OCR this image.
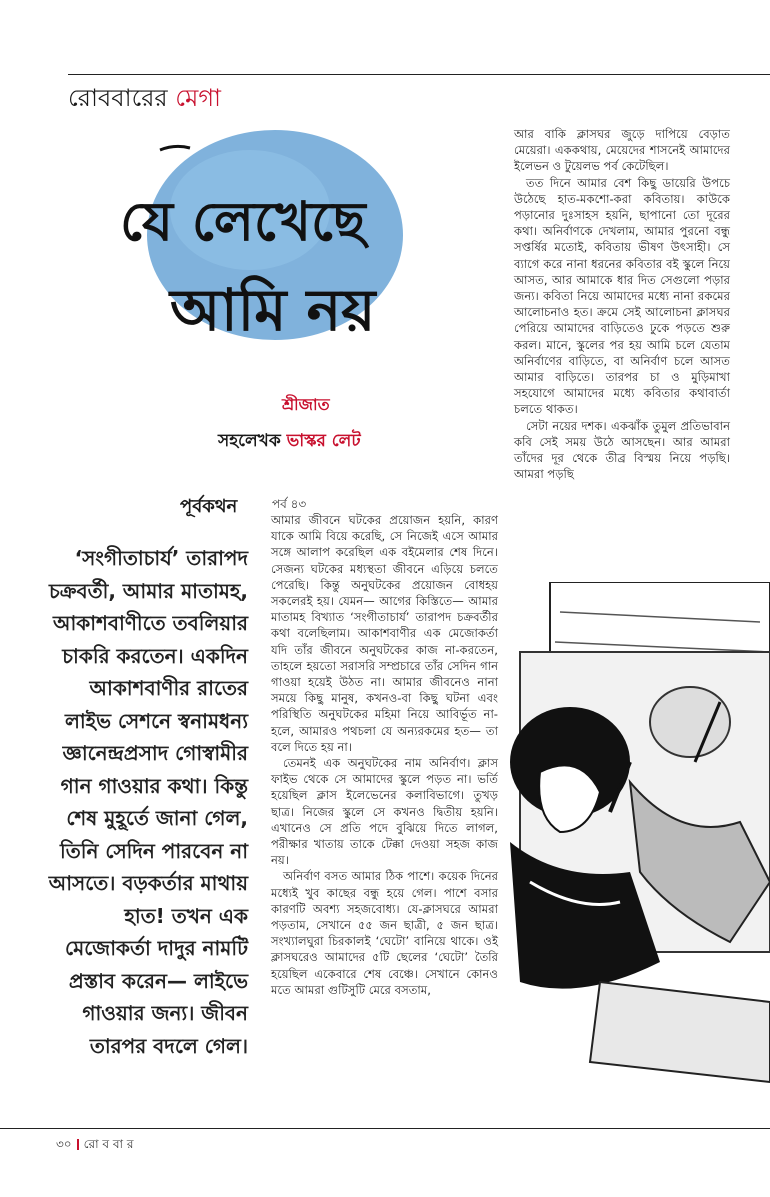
রোববারের মেগা
যে লেখেছে
আমি নয়
শ্রীজাত
সহলেখক ভাস্কর লেট
পূর্বকথন	পর্ব ৪৩
‘সংগীতাচার্য’ তারাপদ চক্রবর্তী, আমার মাতামহ, আকাশবাণীতে তবলিয়ার চাকরি করতেন। একদিন আকাশবাণীর রাতের লাইভ সেশনে স্বনামধন্য জ্ঞানেন্দ্রপ্রসাদ গোস্বামীর গান গাওয়ার কথা। কিন্তু শেষ মুহূর্তে জানা গেল, তিনি সেদিন পারবেন না আসতে। বড়কর্তার মাথায় হাত! তখন এক মেজোকর্তা দাদুর নামটি প্রস্তাব করেন— লাইভে গাওয়ার জন্য। জীবন তারপর বদলে গেল।

আমার জীবনে ঘটকের প্রয়োজন হয়নি, কারণ যাকে আমি বিয়ে করেছি, সে নিজেই এসে আমার সঙ্গে আলাপ করেছিল এক বইমেলার শেষ দিনে। সেজন্য ঘটকের মধ্যস্থতা জীবনে এড়িয়ে চলতে পেরেছি। কিন্তু অনুঘটকের প্রয়োজন বোধহয় সকলেরই হয়। যেমন— আগের কিস্তিতে— আমার মাতামহ বিখ্যাত ‘সংগীতাচার্য’ তারাপদ চক্রবর্তীর কথা বলেছিলাম। আকাশবাণীর এক মেজোকর্তা যদি তাঁর জীবনে অনুঘটকের কাজ না-করতেন, তাহলে হয়তো সরাসরি সম্প্রচারে তাঁর সেদিন গান গাওয়া হয়েই উঠত না। আমার জীবনেও নানা সময়ে কিছু মানুষ, কখনও-বা কিছু ঘটনা এবং পরিস্থিতি অনুঘটকের মহিমা নিয়ে আবির্ভূত না-হলে, আমারও পথচলা যে অন্যরকমের হত— তা বলে দিতে হয় না।

তেমনই এক অনুঘটকের নাম অনির্বাণ। ক্লাস ফাইভ থেকে সে আমাদের স্কুলে পড়ত না। ভর্তি হয়েছিল ক্লাস ইলেভেনের কলাবিভাগে। তুখড় ছাত্র। নিজের স্কুলে সে কখনও দ্বিতীয় হয়নি। এখানেও সে প্রতি পদে বুঝিয়ে দিতে লাগল, পরীক্ষার খাতায় তাকে টেক্কা দেওয়া সহজ কাজ নয়।

অনির্বাণ বসত আমার ঠিক পাশে। কয়েক দিনের মধ্যেই খুব কাছের বন্ধু হয়ে গেল। পাশে বসার কারণটি অবশ্য সহজবোধ্য। যে-ক্লাসঘরে আমরা পড়তাম, সেখানে ৫৫ জন ছাত্রী, ৫ জন ছাত্র। সংখ্যালঘুরা চিরকালই ‘ঘেটো’ বানিয়ে থাকে। ওই ক্লাসঘরেও আমাদের ৫টি ছেলের ‘ঘেটো’ তৈরি হয়েছিল একেবারে শেষ বেঞ্চে। সেখানে কোনও মতে আমরা গুটিসুটি মেরে বসতাম,

আর বাকি ক্লাসঘর জুড়ে দাপিয়ে বেড়াত মেয়েরা। এককথায়, মেয়েদের শাসনেই আমাদের ইলেভন ও টুয়েলভ পর্ব কেটেছিল।

তত দিনে আমার বেশ কিছু ডায়েরি উপচে উঠেছে হাত-মকশো-করা কবিতায়। কাউকে পড়ানোর দুঃসাহস হয়নি, ছাপানো তো দূরের কথা। অনির্বাণকে দেখলাম, আমার পুরনো বন্ধু সপ্তর্ষির মতোই, কবিতায় ভীষণ উৎসাহী। সে ব্যাগে করে নানা ধরনের কবিতার বই স্কুলে নিয়ে আসত, আর আমাকে ধার দিত সেগুলো পড়ার জন্য। কবিতা নিয়ে আমাদের মধ্যে নানা রকমের আলোচনাও হত। ক্রমে সেই আলোচনা ক্লাসঘর পেরিয়ে আমাদের বাড়িতেও ঢুকে পড়তে শুরু করল। মানে, স্কুলের পর হয় আমি চলে যেতাম অনির্বাণের বাড়িতে, বা অনির্বাণ চলে আসত আমার বাড়িতে। তারপর চা ও মুড়িমাখা সহযোগে আমাদের মধ্যে কবিতার কথাবার্তা চলতে থাকত।

সেটা নয়ের দশক। একঝাঁক তুমুল প্রতিভাবান কবি সেই সময় উঠে আসছেন। আর আমরা তাঁদের দূর থেকে তীব্র বিস্ময় নিয়ে পড়ছি। আমরা পড়ছি

৩০ রো ব বা র
